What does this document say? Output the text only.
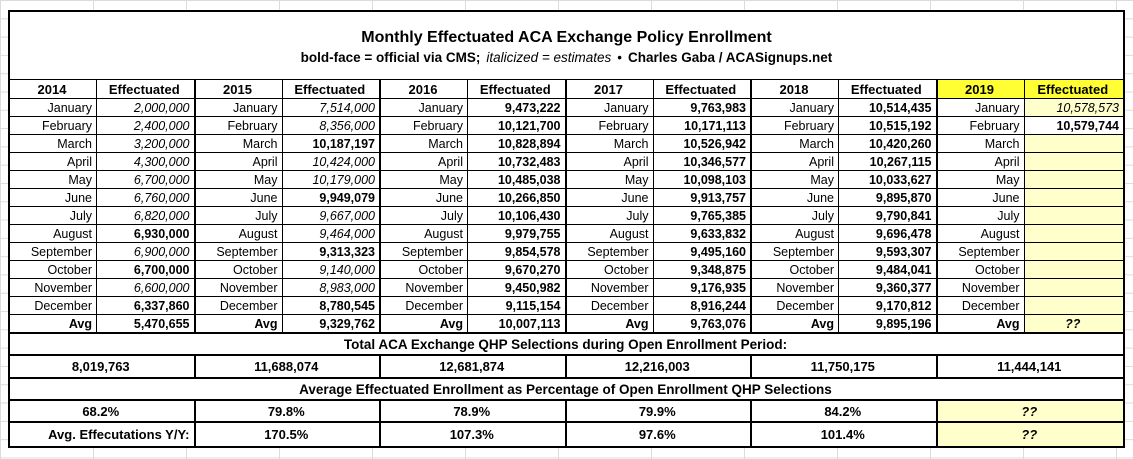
Monthly Effectuated ACA Exchange Policy Enrollment
bold-face = official via CMS; italicized = estimates • Charles Gaba / ACASignups.net
2014	Effectuated	2015	Effectuated	2016	Effectuated	2017	Effectuated	2018	Effectuated	2019	Effectuated
January	2,000,000	January	7,514,000	January	9,473,222	January	9,763,983	January	10,514,435	January	10,578,573
February	2,400,000	February	8,356,000	February	10,121,700	February	10,171,113	February	10,515,192	February	10,579,744
March	3,200,000	March	10,187,197	March	10,828,894	March	10,526,942	March	10,420,260	March
April	4,300,000	April	10,424,000	April	10,732,483	April	10,346,577	April	10,267,115	April
May	6,700,000	May	10,179,000	May	10,485,038	May	10,098,103	May	10,033,627	May
June	6,760,000	June	9,949,079	June	10,266,850	June	9,913,757	June	9,895,870	June
July	6,820,000	July	9,667,000	July	10,106,430	July	9,765,385	July	9,790,841	July
August	6,930,000	August	9,464,000	August	9,979,755	August	9,633,832	August	9,696,478	August
September	6,900,000	September	9,313,323	September	9,854,578	September	9,495,160	September	9,593,307	September
October	6,700,000	October	9,140,000	October	9,670,270	October	9,348,875	October	9,484,041	October
November	6,600,000	November	8,983,000	November	9,450,982	November	9,176,935	November	9,360,377	November
December	6,337,860	December	8,780,545	December	9,115,154	December	8,916,244	December	9,170,812	December
Avg	5,470,655	Avg	9,329,762	Avg	10,007,113	Avg	9,763,076	Avg	9,895,196	Avg	??
Total ACA Exchange QHP Selections during Open Enrollment Period:
8,019,763	11,688,074	12,681,874	12,216,003	11,750,175	11,444,141
Average Effectuated Enrollment as Percentage of Open Enrollment QHP Selections
68.2%	79.8%	78.9%	79.9%	84.2%	??
Avg. Effecutations Y/Y:	170.5%	107.3%	97.6%	101.4%	??
